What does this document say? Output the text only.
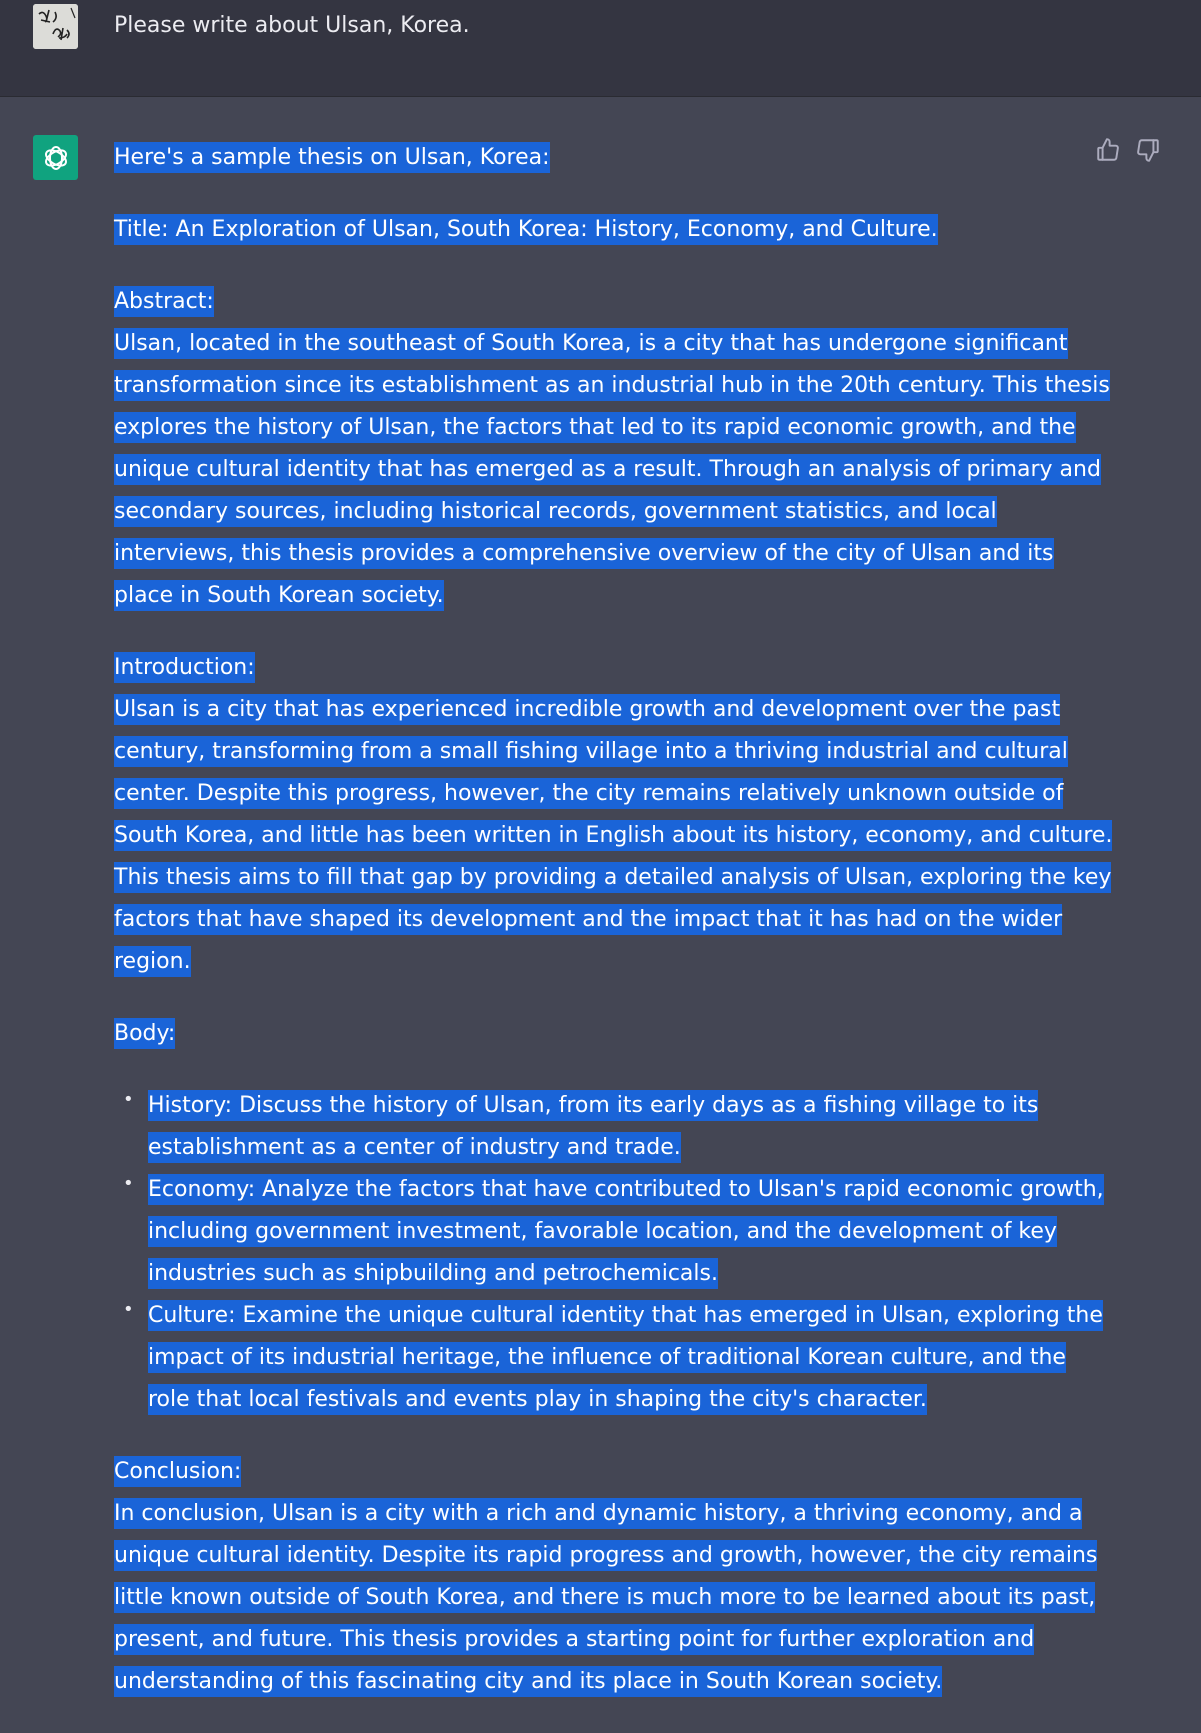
Please write about Ulsan, Korea.

Here's a sample thesis on Ulsan, Korea:

Title: An Exploration of Ulsan, South Korea: History, Economy, and Culture.

Abstract:
Ulsan, located in the southeast of South Korea, is a city that has undergone significant transformation since its establishment as an industrial hub in the 20th century. This thesis explores the history of Ulsan, the factors that led to its rapid economic growth, and the unique cultural identity that has emerged as a result. Through an analysis of primary and secondary sources, including historical records, government statistics, and local interviews, this thesis provides a comprehensive overview of the city of Ulsan and its place in South Korean society.

Introduction:
Ulsan is a city that has experienced incredible growth and development over the past century, transforming from a small fishing village into a thriving industrial and cultural center. Despite this progress, however, the city remains relatively unknown outside of South Korea, and little has been written in English about its history, economy, and culture. This thesis aims to fill that gap by providing a detailed analysis of Ulsan, exploring the key factors that have shaped its development and the impact that it has had on the wider region.

Body:

• History: Discuss the history of Ulsan, from its early days as a fishing village to its establishment as a center of industry and trade.
• Economy: Analyze the factors that have contributed to Ulsan's rapid economic growth, including government investment, favorable location, and the development of key industries such as shipbuilding and petrochemicals.
• Culture: Examine the unique cultural identity that has emerged in Ulsan, exploring the impact of its industrial heritage, the influence of traditional Korean culture, and the role that local festivals and events play in shaping the city's character.

Conclusion:
In conclusion, Ulsan is a city with a rich and dynamic history, a thriving economy, and a unique cultural identity. Despite its rapid progress and growth, however, the city remains little known outside of South Korea, and there is much more to be learned about its past, present, and future. This thesis provides a starting point for further exploration and understanding of this fascinating city and its place in South Korean society.
